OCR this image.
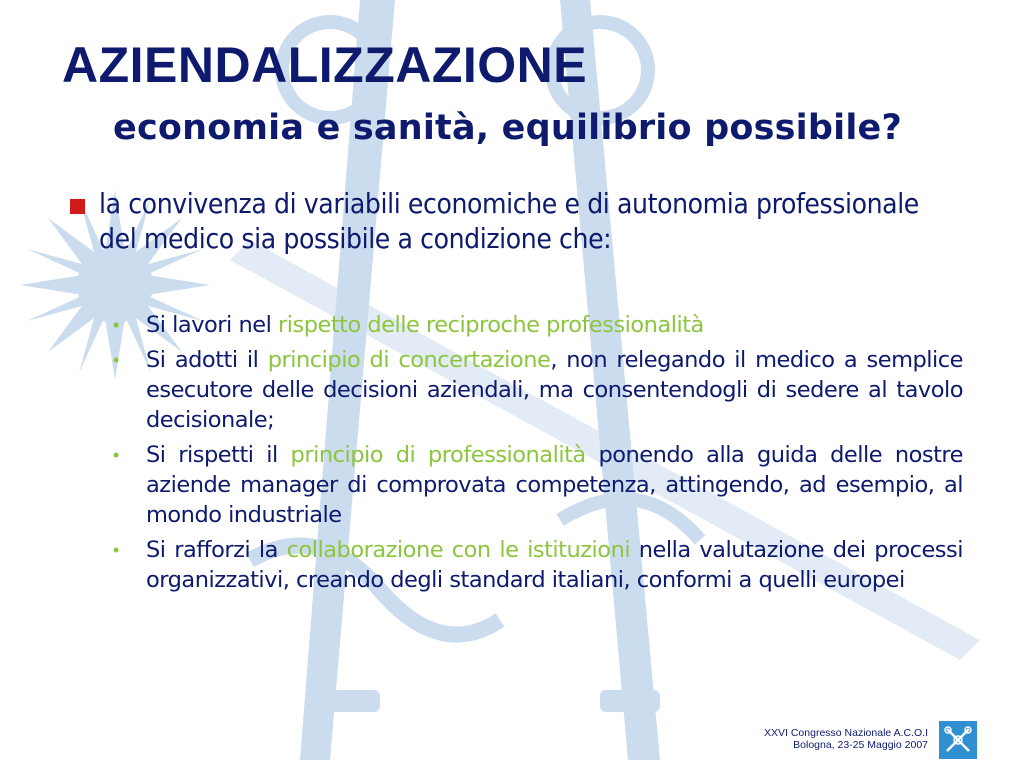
AZIENDALIZZAZIONE
economia e sanità, equilibrio possibile?
la convivenza di variabili economiche e di autonomia professionale del medico sia possibile a condizione che:
•	Si lavori nel rispetto delle reciproche professionalità
•	Si adotti il principio di concertazione, non relegando il medico a semplice esecutore delle decisioni aziendali, ma consentendogli di sedere al tavolo decisionale;
•	Si rispetti il principio di professionalità ponendo alla guida delle nostre aziende manager di comprovata competenza, attingendo, ad esempio, al mondo industriale
•	Si rafforzi la collaborazione con le istituzioni nella valutazione dei processi organizzativi, creando degli standard italiani, conformi a quelli europei
XXVI Congresso Nazionale A.C.O.I
Bologna, 23-25 Maggio 2007
